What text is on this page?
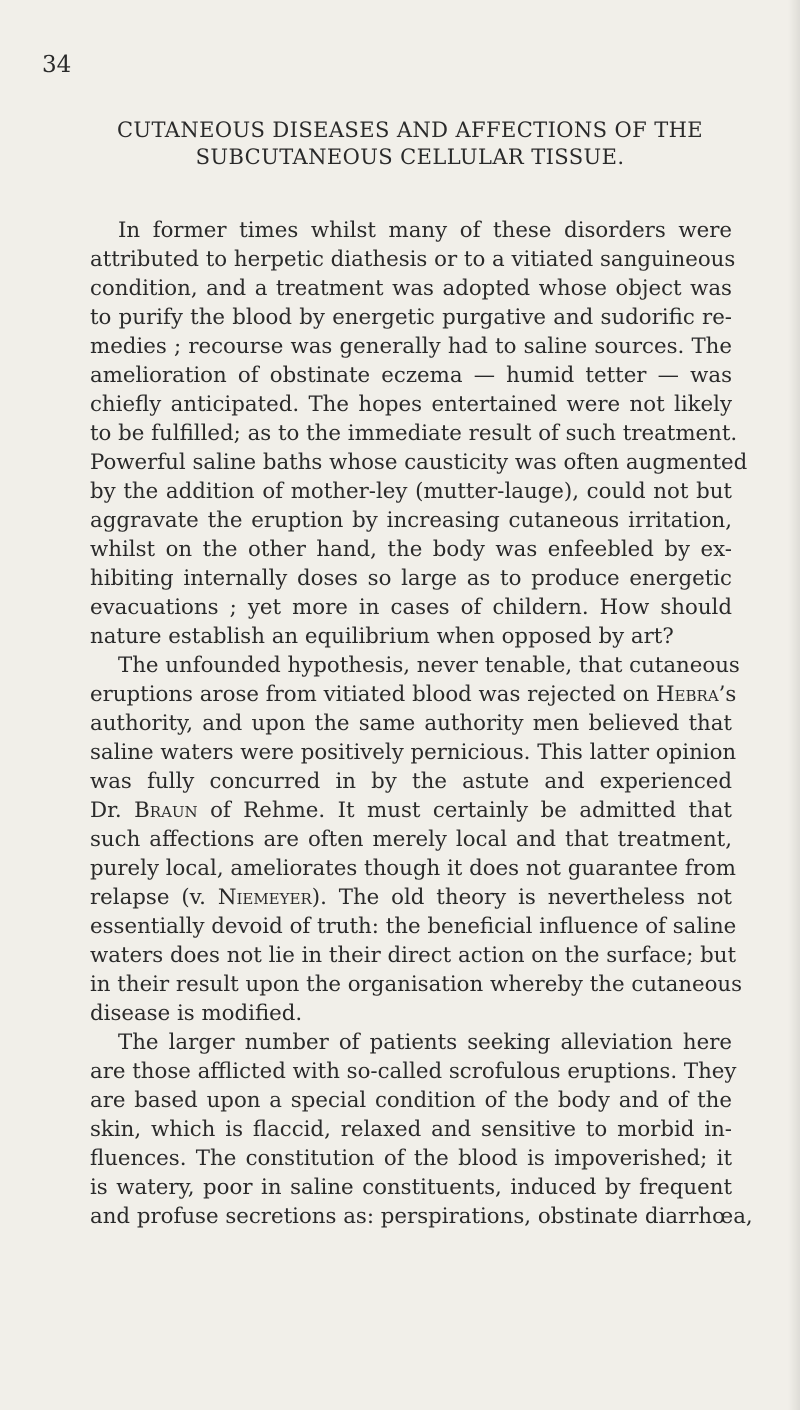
34
CUTANEOUS DISEASES AND AFFECTIONS OF THE
SUBCUTANEOUS CELLULAR TISSUE.
In former times whilst many of these disorders were
attributed to herpetic diathesis or to a vitiated sanguineous
condition, and a treatment was adopted whose object was
to purify the blood by energetic purgative and sudorific re-
medies ; recourse was generally had to saline sources. The
amelioration of obstinate eczema — humid tetter — was
chiefly anticipated. The hopes entertained were not likely
to be fulfilled; as to the immediate result of such treatment.
Powerful saline baths whose causticity was often augmented
by the addition of mother-ley (mutter-lauge), could not but
aggravate the eruption by increasing cutaneous irritation,
whilst on the other hand, the body was enfeebled by ex-
hibiting internally doses so large as to produce energetic
evacuations ; yet more in cases of childern. How should
nature establish an equilibrium when opposed by art?
The unfounded hypothesis, never tenable, that cutaneous
eruptions arose from vitiated blood was rejected on Hebra’s
authority, and upon the same authority men believed that
saline waters were positively pernicious. This latter opinion
was fully concurred in by the astute and experienced
Dr. Braun of Rehme. It must certainly be admitted that
such affections are often merely local and that treatment,
purely local, ameliorates though it does not guarantee from
relapse (v. Niemeyer). The old theory is nevertheless not
essentially devoid of truth: the beneficial influence of saline
waters does not lie in their direct action on the surface; but
in their result upon the organisation whereby the cutaneous
disease is modified.
The larger number of patients seeking alleviation here
are those afflicted with so-called scrofulous eruptions. They
are based upon a special condition of the body and of the
skin, which is flaccid, relaxed and sensitive to morbid in-
fluences. The constitution of the blood is impoverished; it
is watery, poor in saline constituents, induced by frequent
and profuse secretions as: perspirations, obstinate diarrhœa,
